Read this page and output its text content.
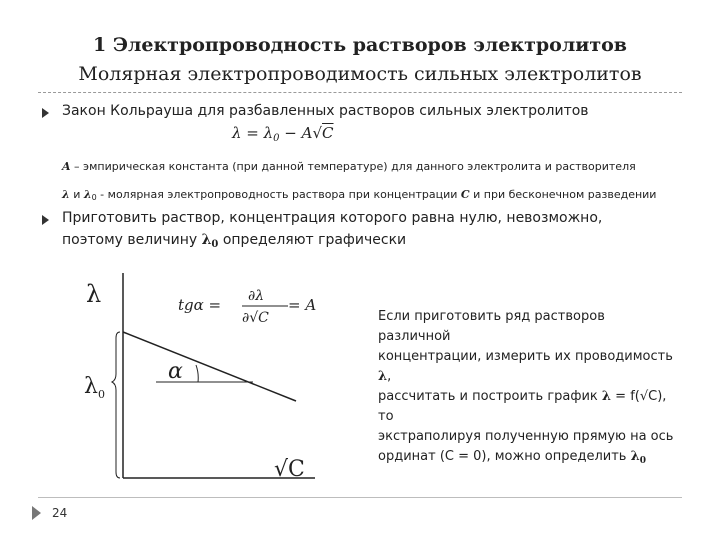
1 Электропроводность растворов электролитов
Молярная электропроводимость сильных электролитов
Закон Кольрауша для разбавленных растворов сильных электролитов
$\lambda = \lambda_0 - A√C$
A – эмпирическая константа (при данной температуре) для данного электролита и растворителя
λ и λ0 - молярная электропроводность раствора при концентрации C и при бесконечном разведении
Приготовить раствор, концентрация которого равна нулю, невозможно,
поэтому величину $\lambda_0$ определяют графически
λ
λ 0
√C
α
tgα = ∂λ
∂√C
= A
Если приготовить ряд растворов различной
концентрации, измерить их проводимость λ,
рассчитать и построить график λ = f(√C), то
экстраполируя полученную прямую на ось
ординат (С = 0), можно определить $\lambda_0$
24
